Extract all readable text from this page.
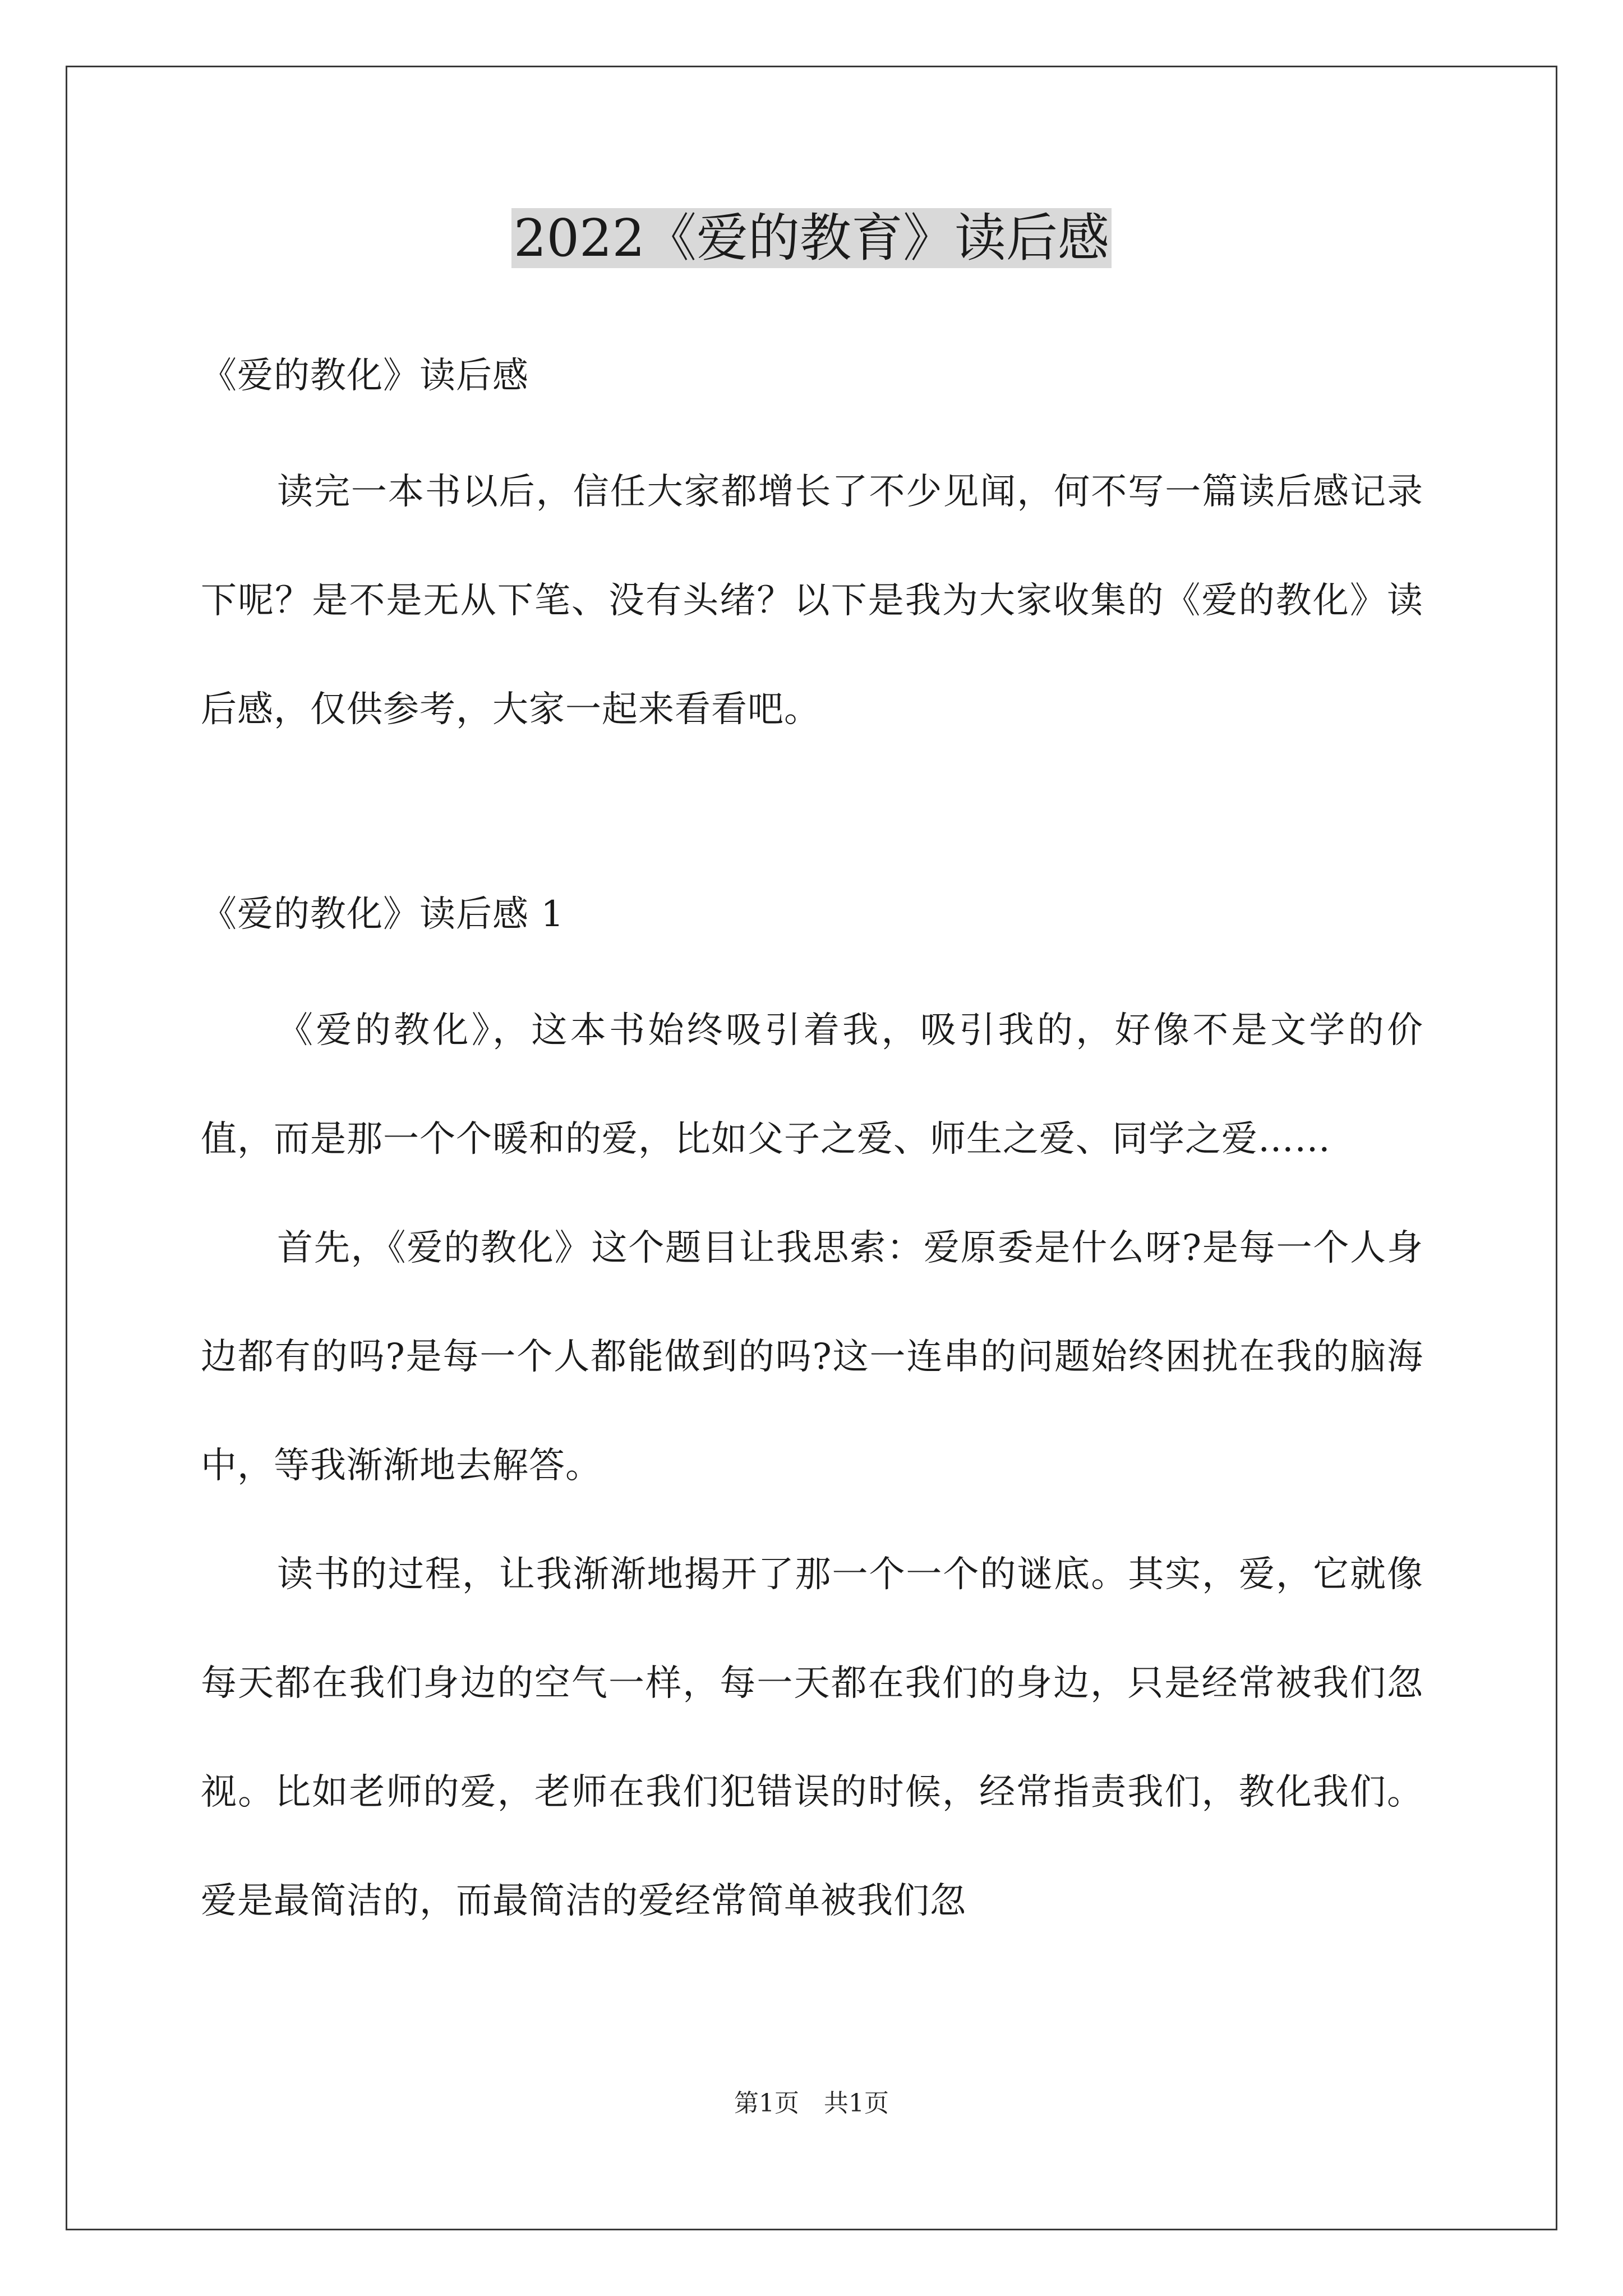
2022《爱的教育》读后感
《爱的教化》读后感

读完一本书以后，信任大家都增长了不少见闻，何不写一篇读后感记录下呢？是不是无从下笔、没有头绪？以下是我为大家收集的《爱的教化》读后感，仅供参考，大家一起来看看吧。

《爱的教化》读后感 1

《爱的教化》，这本书始终吸引着我，吸引我的，好像不是文学的价值，而是那一个个暖和的爱，比如父子之爱、师生之爱、同学之爱……

首先，《爱的教化》这个题目让我思索：爱原委是什么呀?是每一个人身边都有的吗?是每一个人都能做到的吗?这一连串的问题始终困扰在我的脑海中，等我渐渐地去解答。

读书的过程，让我渐渐地揭开了那一个一个的谜底。其实，爱，它就像每天都在我们身边的空气一样，每一天都在我们的身边，只是经常被我们忽视。比如老师的爱，老师在我们犯错误的时候，经常指责我们，教化我们。爱是最简洁的，而最简洁的爱经常简单被我们忽

第1页 共1页
